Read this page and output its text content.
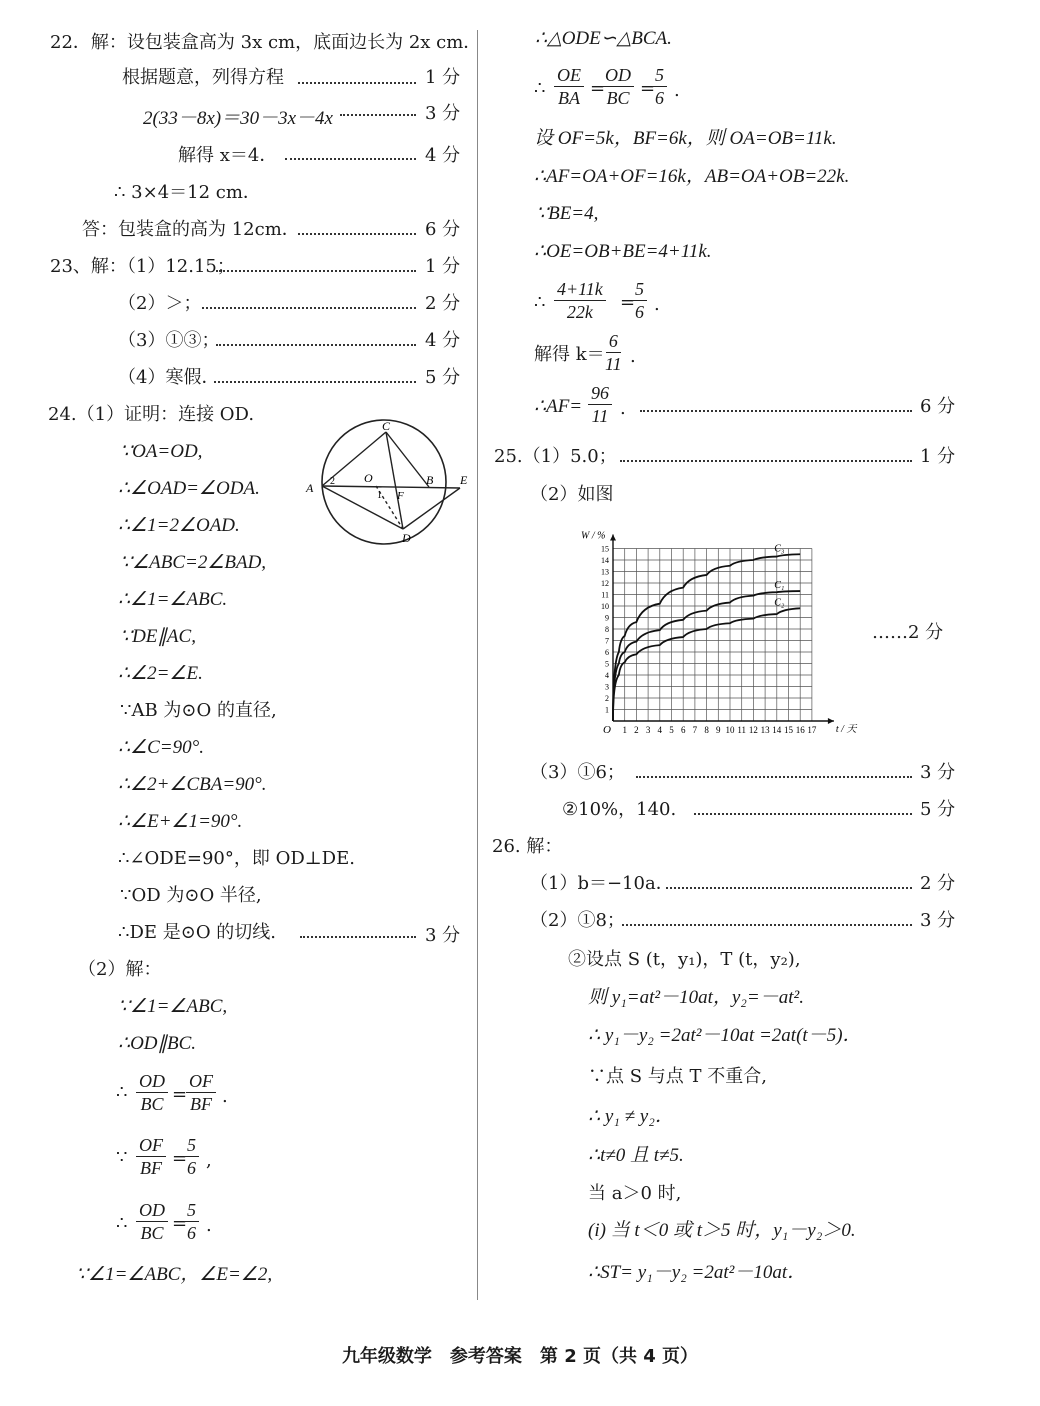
22．解：设包装盒高为 3x cm，底面边长为 2x cm．
根据题意，列得方程	1 分
2(33－8x)＝30－3x－4x	3 分
解得 x＝4．	4 分
∴ 3×4＝12 cm．
答：包装盒的高为 12cm．	6 分
23、解：（1）12.15；	1 分
（2）＞；	2 分
（3）①③；	4 分
（4）寒假．	5 分
24.（1）证明：连接 OD.
∵OA=OD,
∴∠OAD=∠ODA.
∴∠1=2∠OAD.
∵∠ABC=2∠BAD,
∴∠1=∠ABC.
∵DE∥AC,
∴∠2=∠E.
∵AB 为⊙O 的直径,
∴∠C=90°.
∴∠2+∠CBA=90°.
∴∠E+∠1=90°.
∴∠ODE=90°，即 OD⊥DE.
∵OD 为⊙O 半径,
∴DE 是⊙O 的切线.	3 分
（2）解：
∵∠1=∠ABC,
∴OD∥BC.
∴ $\frac{OD}{BC}$ =
$\frac{OF}{BF}$ .
∵ $\frac{OF}{BF}$ =
$\frac{5}{6}$ ,
∴ $\frac{OD}{BC}$ =
$\frac{5}{6}$ .
∵∠1=∠ABC，∠E=∠2,
C
A
O	B E
D
F
1
2
∴△ODE∽△BCA.
∴ $\frac{OE}{BA}$ =
$\frac{OD}{BC}$ =
$\frac{5}{6}$ .
设 OF=5k，BF=6k，则 OA=OB=11k.
∴AF=OA+OF=16k，AB=OA+OB=22k.
∵BE=4,
∴OE=OB+BE=4+11k.
∴ $\frac{4+11k}{22k}$ =
$\frac{5}{6}$ .
解得 k＝
$\frac{6}{11}$ .
∴AF= $\frac{96}{11}$ .	6 分
25.（1）5.0；	1 分
（2）如图
1 2 3 4 5 6 7 8 9 10 11 12 13 14 15 16 17
1
2
3
4
5
6
7
8
9
10
11
12
13
14
15
O
W / %
t / 天
C₃
C₁
C₂
……2 分
（3）①6；	3 分
②10%，140.	5 分
26. 解：
（1）b＝−10a．	2 分
（2）①8；	3 分
②设点 S (t，y₁)，T (t，y₂),
则 y₁=at²－10at，y₂=－at².
∴ y₁－y₂ =2at²－10at =2at(t－5)．
∵点 S 与点 T 不重合,
∴ y₁ ≠ y₂．
∴t≠0 且 t≠5.
当 a＞0 时,
(i) 当 t＜0 或 t＞5 时，y₁－y₂＞0.
∴ST= y₁－y₂ =2at²－10at．
九年级数学　参考答案　第 2 页（共 4 页）
